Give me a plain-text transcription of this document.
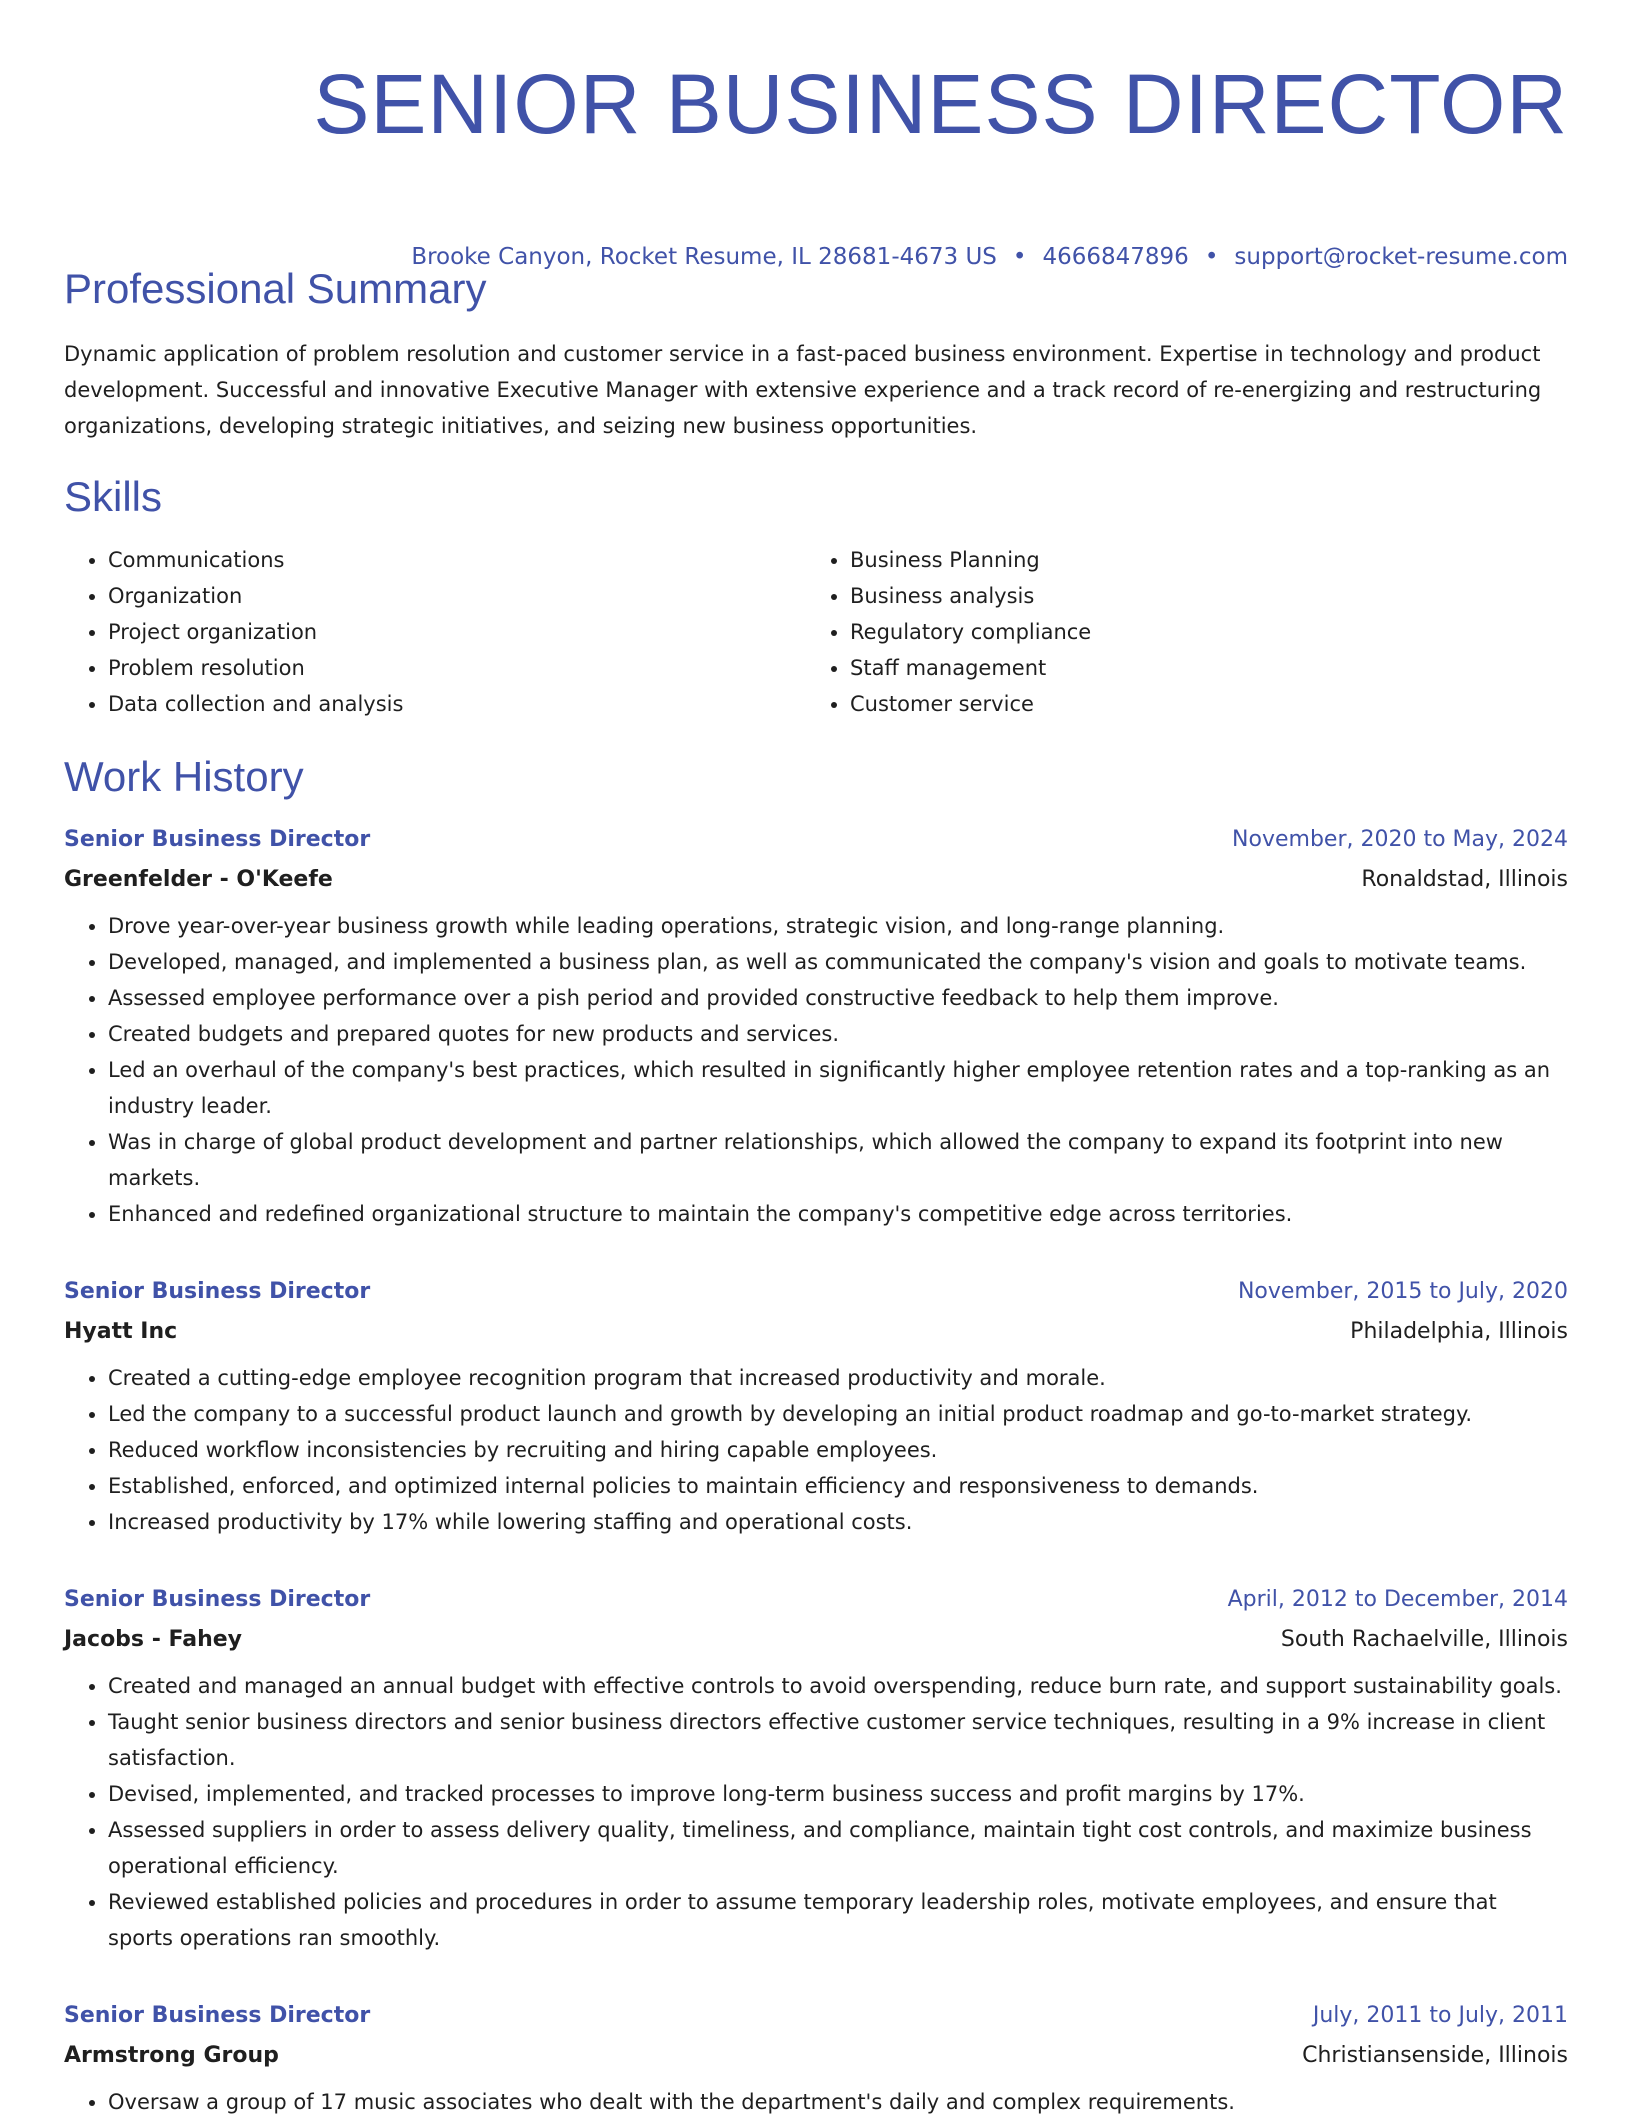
SENIOR BUSINESS DIRECTOR
Brooke Canyon, Rocket Resume, IL 28681-4673 US • 4666847896 • support@rocket-resume.com
Professional Summary

Dynamic application of problem resolution and customer service in a fast-paced business environment. Expertise in technology and product development. Successful and innovative Executive Manager with extensive experience and a track record of re-energizing and restructuring organizations, developing strategic initiatives, and seizing new business opportunities.

Skills
• Communications
• Organization
• Project organization
• Problem resolution
• Data collection and analysis
• Business Planning
• Business analysis
• Regulatory compliance
• Staff management
• Customer service
Work History
Senior Business Director	November, 2020 to May, 2024
Greenfelder - O'Keefe	Ronaldstad, Illinois
• Drove year-over-year business growth while leading operations, strategic vision, and long-range planning.
• Developed, managed, and implemented a business plan, as well as communicated the company's vision and goals to motivate teams.
• Assessed employee performance over a pish period and provided constructive feedback to help them improve.
• Created budgets and prepared quotes for new products and services.
• Led an overhaul of the company's best practices, which resulted in significantly higher employee retention rates and a top-ranking as an industry leader.
• Was in charge of global product development and partner relationships, which allowed the company to expand its footprint into new markets.
• Enhanced and redefined organizational structure to maintain the company's competitive edge across territories.
Senior Business Director	November, 2015 to July, 2020
Hyatt Inc	Philadelphia, Illinois
• Created a cutting-edge employee recognition program that increased productivity and morale.
• Led the company to a successful product launch and growth by developing an initial product roadmap and go-to-market strategy.
• Reduced workflow inconsistencies by recruiting and hiring capable employees.
• Established, enforced, and optimized internal policies to maintain efficiency and responsiveness to demands.
• Increased productivity by 17% while lowering staffing and operational costs.
Senior Business Director	April, 2012 to December, 2014
Jacobs - Fahey	South Rachaelville, Illinois
• Created and managed an annual budget with effective controls to avoid overspending, reduce burn rate, and support sustainability goals.
• Taught senior business directors and senior business directors effective customer service techniques, resulting in a 9% increase in client satisfaction.
• Devised, implemented, and tracked processes to improve long-term business success and profit margins by 17%.
• Assessed suppliers in order to assess delivery quality, timeliness, and compliance, maintain tight cost controls, and maximize business operational efficiency.
• Reviewed established policies and procedures in order to assume temporary leadership roles, motivate employees, and ensure that sports operations ran smoothly.
Senior Business Director	July, 2011 to July, 2011
Armstrong Group	Christiansenside, Illinois
• Oversaw a group of 17 music associates who dealt with the department's daily and complex requirements.
